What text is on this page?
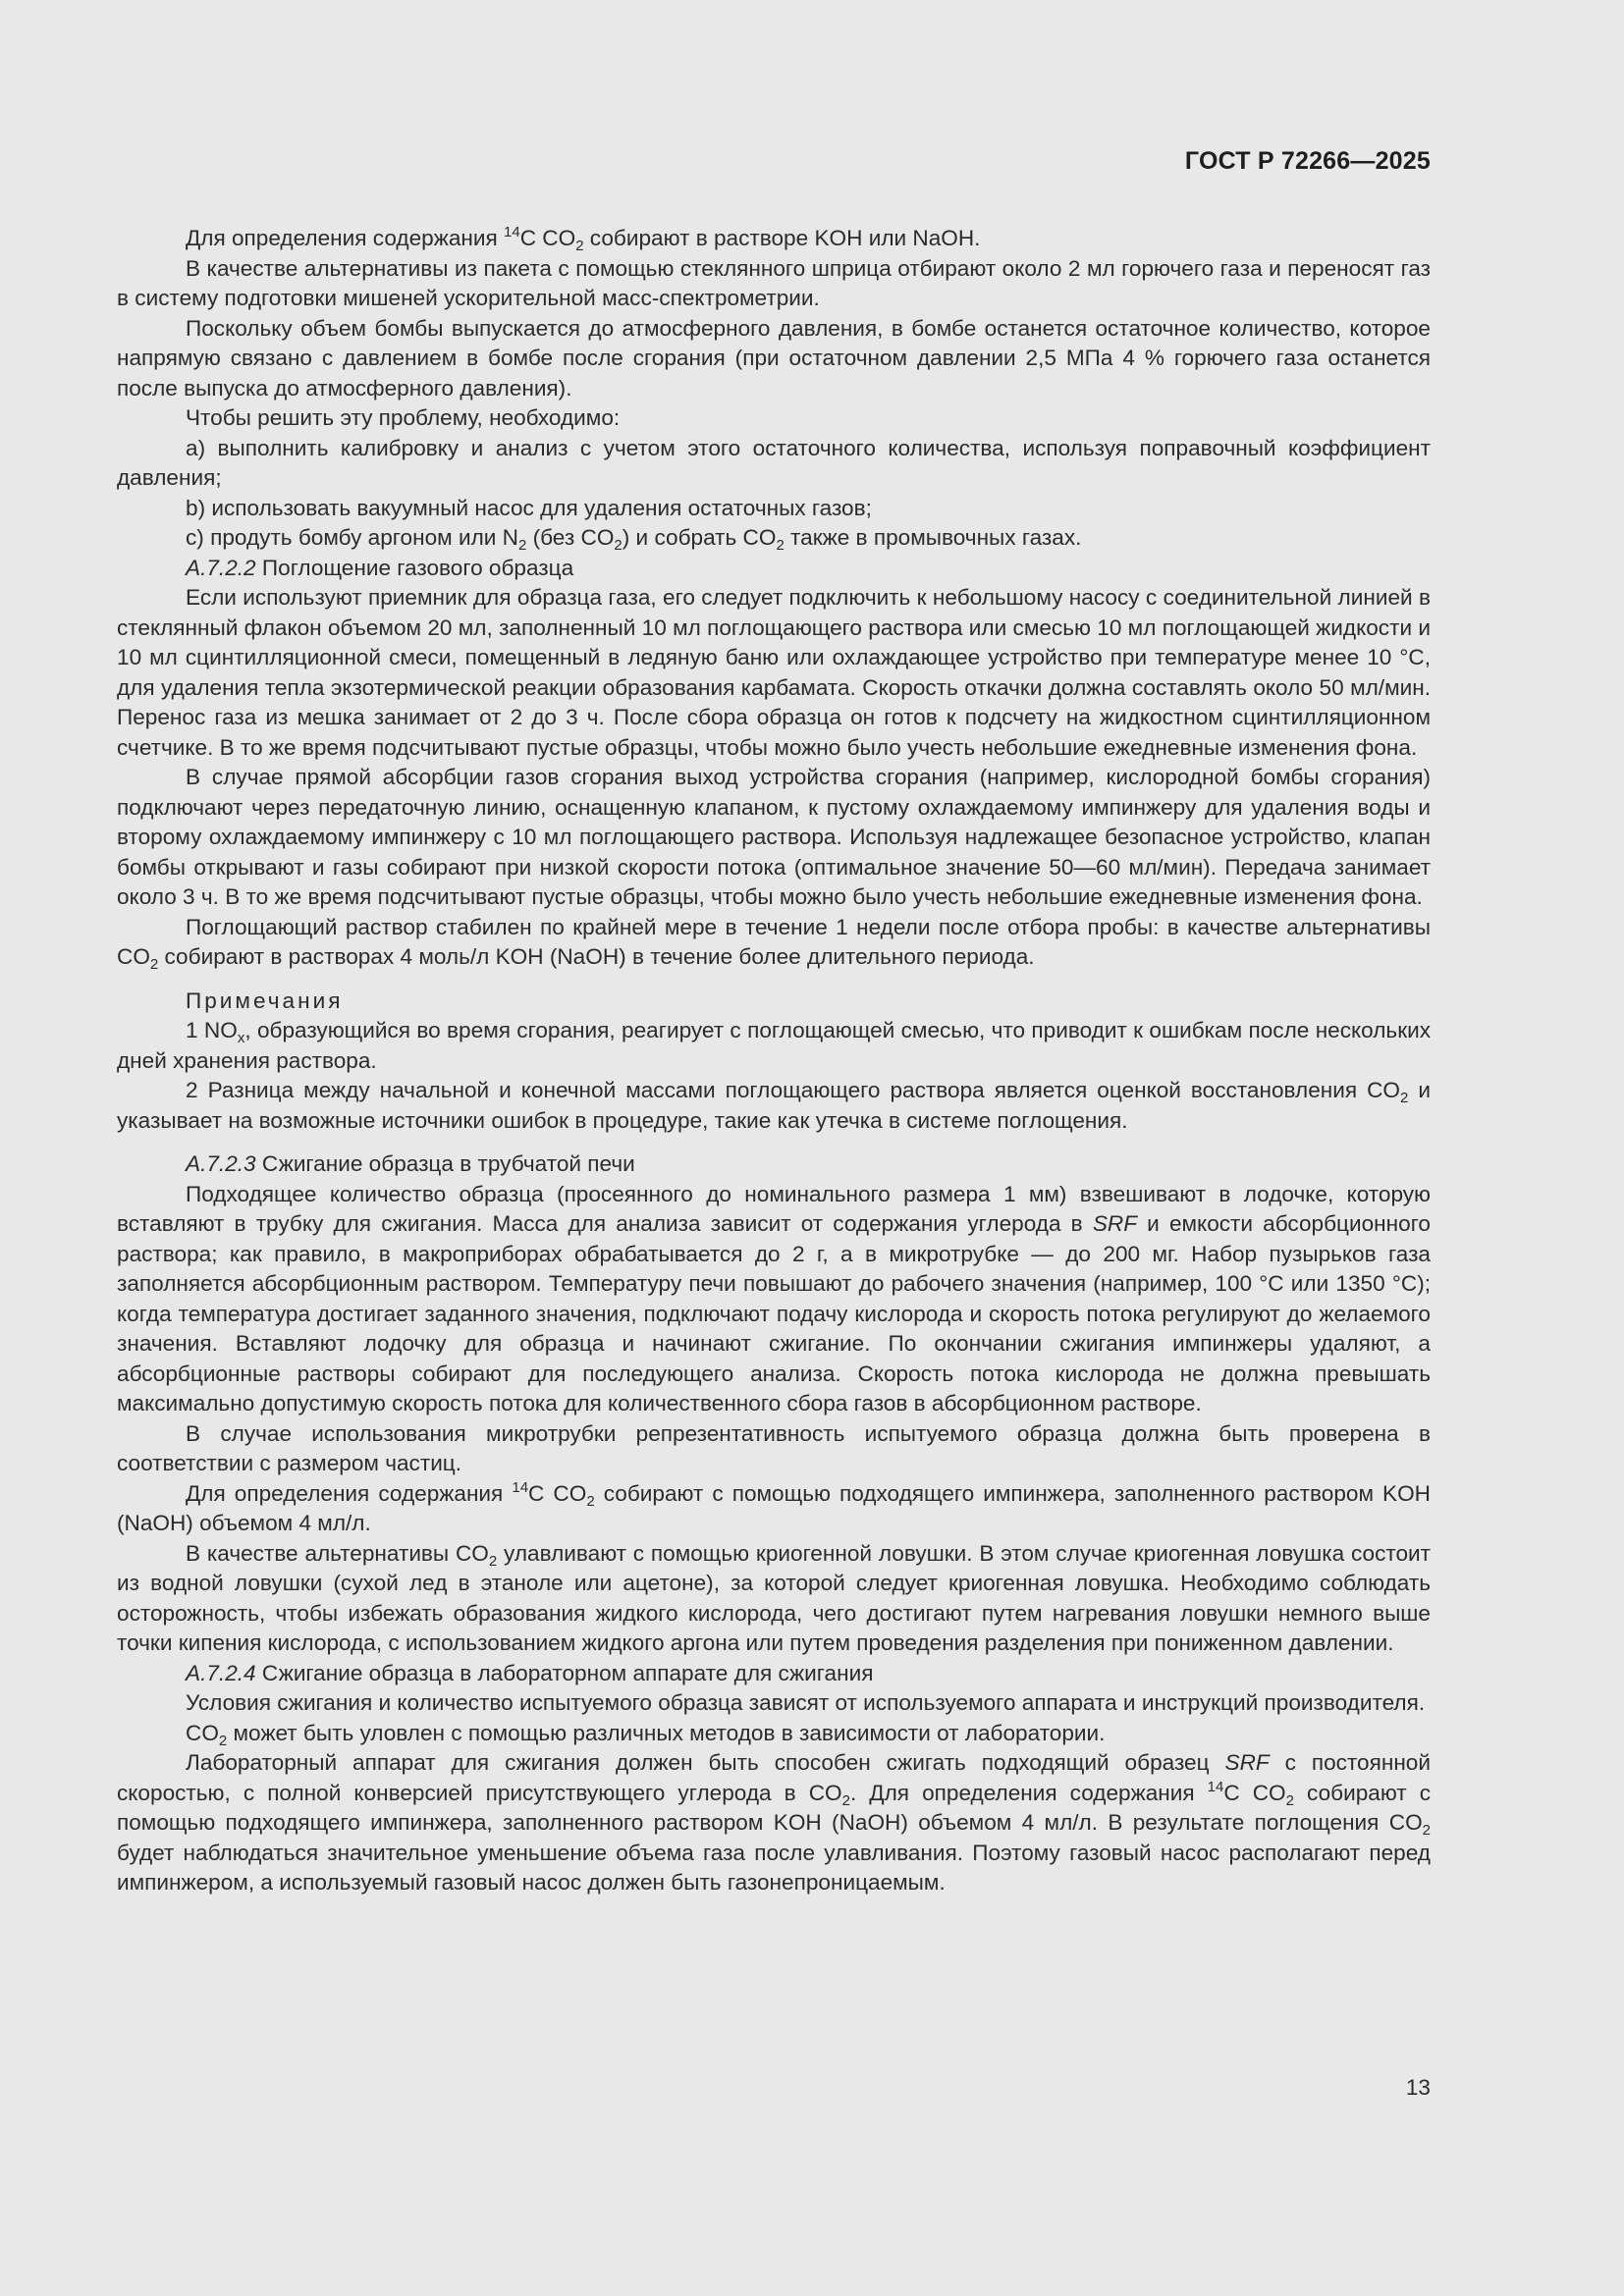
ГОСТ Р 72266—2025

Для определения содержания $^{14}$C $CO_2$ собирают в растворе KOH или NaOH.

В качестве альтернативы из пакета с помощью стеклянного шприца отбирают около 2 мл горючего газа и переносят газ в систему подготовки мишеней ускорительной масс-спектрометрии.

Поскольку объем бомбы выпускается до атмосферного давления, в бомбе останется остаточное количество, которое напрямую связано с давлением в бомбе после сгорания (при остаточном давлении 2,5 МПа 4 % горючего газа останется после выпуска до атмосферного давления).

Чтобы решить эту проблему, необходимо:

a) выполнить калибровку и анализ с учетом этого остаточного количества, используя поправочный коэффициент давления;

b) использовать вакуумный насос для удаления остаточных газов;

c) продуть бомбу аргоном или $N_2$ (без $CO_2$) и собрать $CO_2$ также в промывочных газах.

A.7.2.2 Поглощение газового образца

Если используют приемник для образца газа, его следует подключить к небольшому насосу с соединительной линией в стеклянный флакон объемом 20 мл, заполненный 10 мл поглощающего раствора или смесью 10 мл поглощающей жидкости и 10 мл сцинтилляционной смеси, помещенный в ледяную баню или охлаждающее устройство при температуре менее 10 °C, для удаления тепла экзотермической реакции образования карбамата. Скорость откачки должна составлять около 50 мл/мин. Перенос газа из мешка занимает от 2 до 3 ч. После сбора образца он готов к подсчету на жидкостном сцинтилляционном счетчике. В то же время подсчитывают пустые образцы, чтобы можно было учесть небольшие ежедневные изменения фона.

В случае прямой абсорбции газов сгорания выход устройства сгорания (например, кислородной бомбы сгорания) подключают через передаточную линию, оснащенную клапаном, к пустому охлаждаемому импинжеру для удаления воды и второму охлаждаемому импинжеру с 10 мл поглощающего раствора. Используя надлежащее безопасное устройство, клапан бомбы открывают и газы собирают при низкой скорости потока (оптимальное значение 50—60 мл/мин). Передача занимает около 3 ч. В то же время подсчитывают пустые образцы, чтобы можно было учесть небольшие ежедневные изменения фона.

Поглощающий раствор стабилен по крайней мере в течение 1 недели после отбора пробы: в качестве альтернативы $CO_2$ собирают в растворах 4 моль/л KOH (NaOH) в течение более длительного периода.

Примечания

1 $NO_x$, образующийся во время сгорания, реагирует с поглощающей смесью, что приводит к ошибкам после нескольких дней хранения раствора.

2 Разница между начальной и конечной массами поглощающего раствора является оценкой восстановления $CO_2$ и указывает на возможные источники ошибок в процедуре, такие как утечка в системе поглощения.

A.7.2.3 Сжигание образца в трубчатой печи

Подходящее количество образца (просеянного до номинального размера 1 мм) взвешивают в лодочке, которую вставляют в трубку для сжигания. Масса для анализа зависит от содержания углерода в SRF и емкости абсорбционного раствора; как правило, в макроприборах обрабатывается до 2 г, а в микротрубке — до 200 мг. Набор пузырьков газа заполняется абсорбционным раствором. Температуру печи повышают до рабочего значения (например, 100 °C или 1350 °C); когда температура достигает заданного значения, подключают подачу кислорода и скорость потока регулируют до желаемого значения. Вставляют лодочку для образца и начинают сжигание. По окончании сжигания импинжеры удаляют, а абсорбционные растворы собирают для последующего анализа. Скорость потока кислорода не должна превышать максимально допустимую скорость потока для количественного сбора газов в абсорбционном растворе.

В случае использования микротрубки репрезентативность испытуемого образца должна быть проверена в соответствии с размером частиц.

Для определения содержания $^{14}$C $CO_2$ собирают с помощью подходящего импинжера, заполненного раствором KOH (NaOH) объемом 4 мл/л.

В качестве альтернативы $CO_2$ улавливают с помощью криогенной ловушки. В этом случае криогенная ловушка состоит из водной ловушки (сухой лед в этаноле или ацетоне), за которой следует криогенная ловушка. Необходимо соблюдать осторожность, чтобы избежать образования жидкого кислорода, чего достигают путем нагревания ловушки немного выше точки кипения кислорода, с использованием жидкого аргона или путем проведения разделения при пониженном давлении.

A.7.2.4 Сжигание образца в лабораторном аппарате для сжигания

Условия сжигания и количество испытуемого образца зависят от используемого аппарата и инструкций производителя.

$CO_2$ может быть уловлен с помощью различных методов в зависимости от лаборатории.

Лабораторный аппарат для сжигания должен быть способен сжигать подходящий образец SRF с постоянной скоростью, с полной конверсией присутствующего углерода в $CO_2$. Для определения содержания $^{14}$C $CO_2$ собирают с помощью подходящего импинжера, заполненного раствором KOH (NaOH) объемом 4 мл/л. В результате поглощения $CO_2$ будет наблюдаться значительное уменьшение объема газа после улавливания. Поэтому газовый насос располагают перед импинжером, а используемый газовый насос должен быть газонепроницаемым.

13
